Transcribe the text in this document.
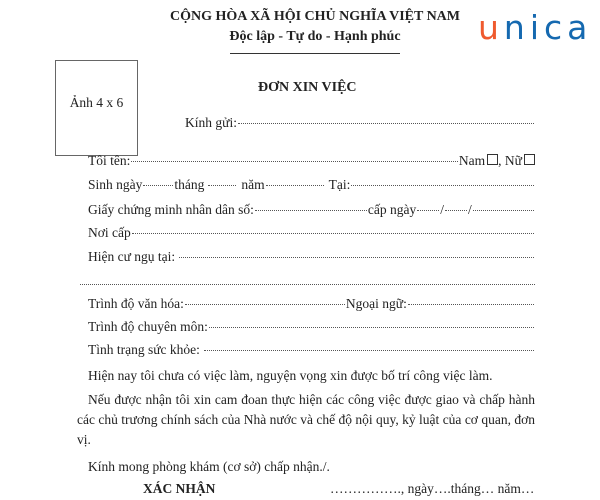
CỘNG HÒA XÃ HỘI CHỦ NGHĨA VIỆT NAM
Độc lập - Tự do - Hạnh phúc	unica
Ảnh 4 x 6
ĐƠN XIN VIỆC
Kính gửi:
Tôi tên:	Nam , Nữ
Sinh ngày tháng	năm	Tại:
Giấy chứng minh nhân dân số:	cấp ngày / /
Nơi cấp
Hiện cư ngụ tại:
Trình độ văn hóa:	Ngoại ngữ:
Trình độ chuyên môn:
Tình trạng sức khỏe:
Hiện nay tôi chưa có việc làm, nguyện vọng xin được bố trí công việc làm.
Nếu được nhận tôi xin cam đoan thực hiện các công việc được giao và chấp hành các chủ trương chính sách của Nhà nước và chế độ nội quy, kỷ luật của cơ quan, đơn vị.
Kính mong phòng khám (cơ sở) chấp nhận./.
XÁC NHẬN	……………., ngày….tháng… năm…
